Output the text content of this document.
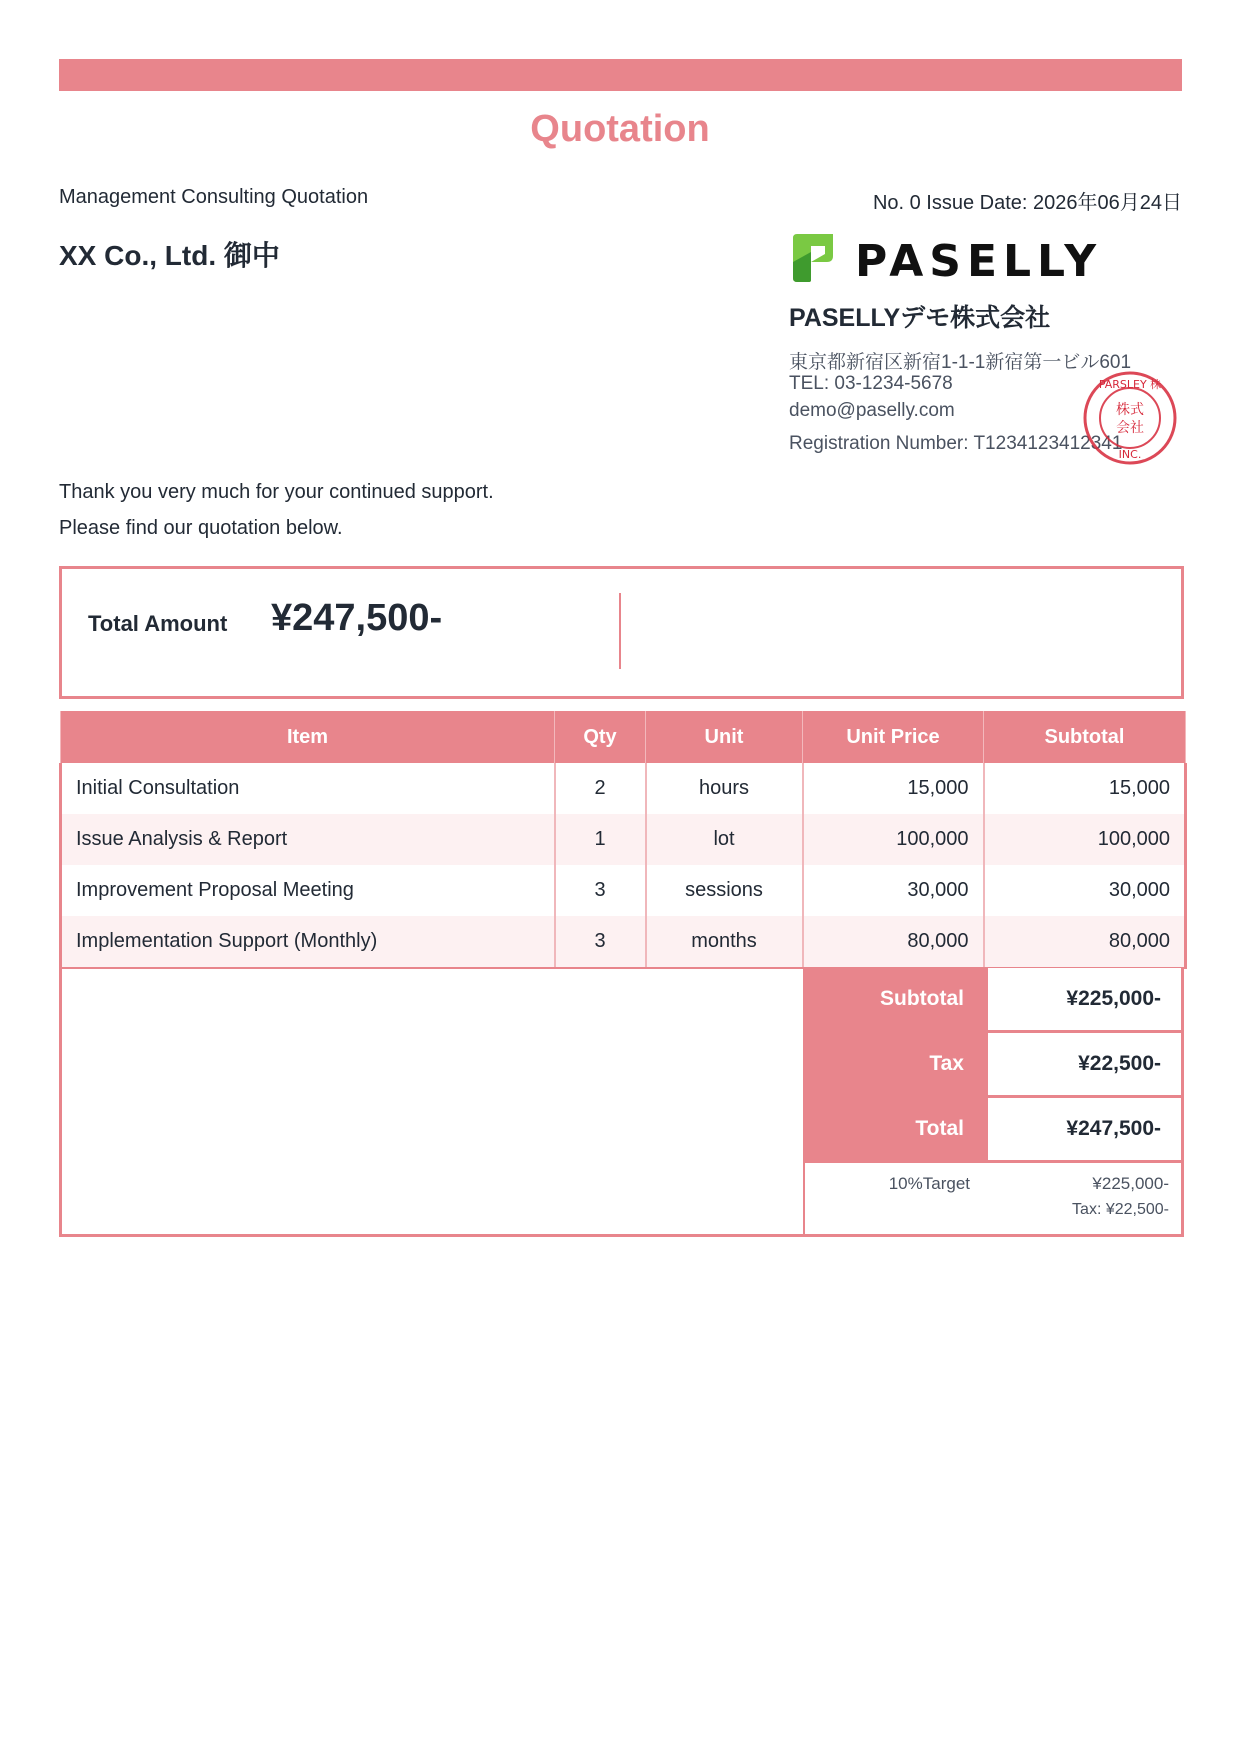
Quotation
Management Consulting Quotation	No. 0 Issue Date: 2026年06月24日
XX Co., Ltd. 御中	PASELLY
PASELLYデモ株式会社
東京都新宿区新宿1-1-1新宿第一ビル601
TEL: 03-1234-5678
demo@paselly.com
Registration Number: T1234123412341
PARSLEY 株
株式
会社
INC.
Thank you very much for your continued support.
Please find our quotation below.
Total Amount ¥247,500-
Item	Qty	Unit	Unit Price	Subtotal
Initial Consultation	2	hours	15,000	15,000
Issue Analysis & Report	1	lot	100,000	100,000
Improvement Proposal Meeting	3	sessions	30,000	30,000
Implementation Support (Monthly)	3	months	80,000	80,000
Subtotal	¥225,000-
Tax	¥22,500-
Total	¥247,500-
10%Target	¥225,000-
Tax: ¥22,500-
